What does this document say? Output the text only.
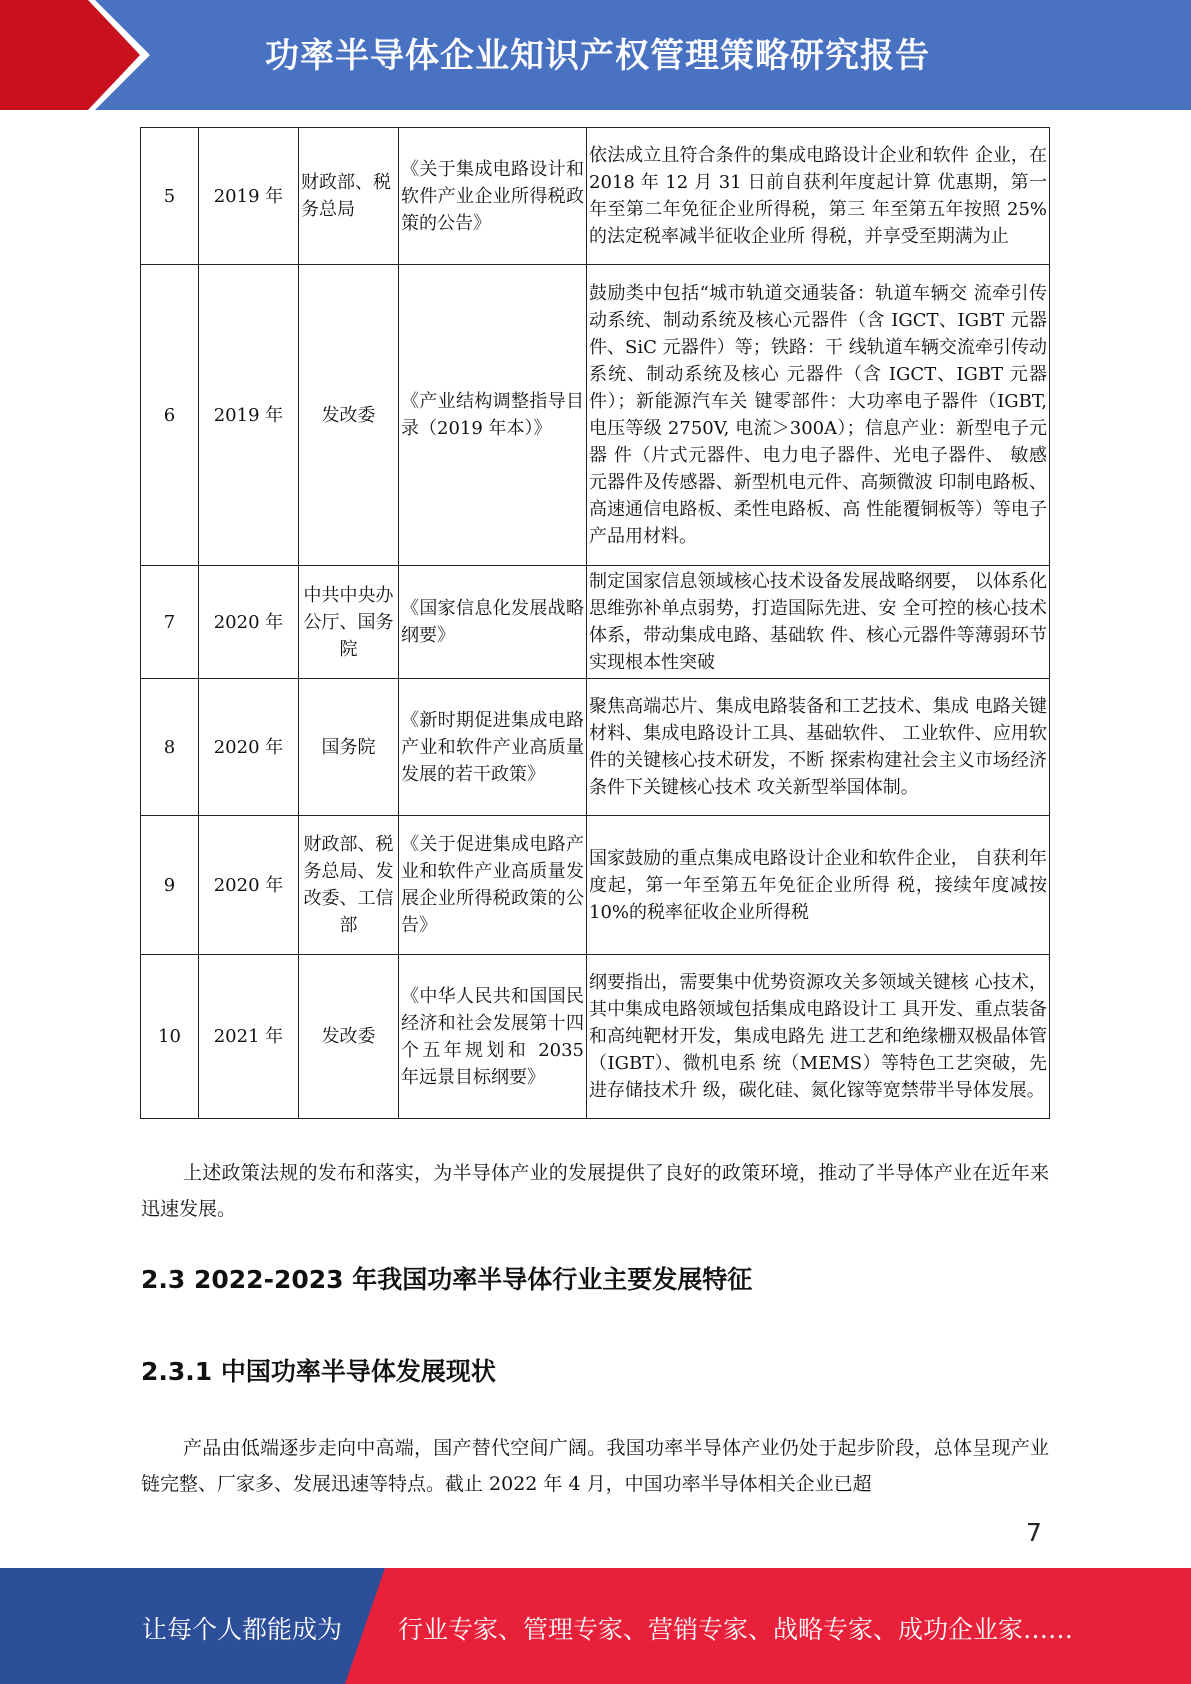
功率半导体企业知识产权管理策略研究报告
5	2019 年	财政部、税务总局	《关于集成电路设计和软件产业企业所得税政策的公告》	依法成立且符合条件的集成电路设计企业和软件 企业，在 2018 年 12 月 31 日前自获利年度起计算 优惠期，第一年至第二年免征企业所得税，第三 年至第五年按照 25%的法定税率减半征收企业所 得税，并享受至期满为止
6	2019 年	发改委	《产业结构调整指导目录（2019 年本）》	鼓励类中包括“城市轨道交通装备：轨道车辆交 流牵引传动系统、制动系统及核心元器件（含 IGCT、IGBT 元器件、SiC 元器件）等；铁路：干 线轨道车辆交流牵引传动系统、制动系统及核心 元器件（含 IGCT、IGBT 元器件）；新能源汽车关 键零部件：大功率电子器件（IGBT, 电压等级 2750V, 电流＞300A）；信息产业：新型电子元器 件（片式元器件、电力电子器件、光电子器件、 敏感元器件及传感器、新型机电元件、高频微波 印制电路板、高速通信电路板、柔性电路板、高 性能覆铜板等）等电子产品用材料。
7	2020 年	中共中央办公厅、国务院	《国家信息化发展战略纲要》	制定国家信息领域核心技术设备发展战略纲要， 以体系化思维弥补单点弱势，打造国际先进、安 全可控的核心技术体系，带动集成电路、基础软 件、核心元器件等薄弱环节实现根本性突破
8	2020 年	国务院	《新时期促进集成电路产业和软件产业高质量发展的若干政策》	聚焦高端芯片、集成电路装备和工艺技术、集成 电路关键材料、集成电路设计工具、基础软件、 工业软件、应用软件的关键核心技术研发，不断 探索构建社会主义市场经济条件下关键核心技术 攻关新型举国体制。
9	2020 年	财政部、税务总局、发改委、工信部	《关于促进集成电路产业和软件产业高质量发展企业所得税政策的公告》	国家鼓励的重点集成电路设计企业和软件企业， 自获利年度起，第一年至第五年免征企业所得 税，接续年度减按 10%的税率征收企业所得税
10	2021 年	发改委	《中华人民共和国国民经济和社会发展第十四个五年规划和 2035 年远景目标纲要》	纲要指出，需要集中优势资源攻关多领域关键核 心技术，其中集成电路领域包括集成电路设计工 具开发、重点装备和高纯靶材开发，集成电路先 进工艺和绝缘栅双极晶体管（IGBT）、微机电系 统（MEMS）等特色工艺突破，先进存储技术升 级，碳化硅、氮化镓等宽禁带半导体发展。

上述政策法规的发布和落实，为半导体产业的发展提供了良好的政策环境，推动了半导体产业在近年来迅速发展。

2.3 2022-2023 年我国功率半导体行业主要发展特征
2.3.1 中国功率半导体发展现状

产品由低端逐步走向中高端，国产替代空间广阔。我国功率半导体产业仍处于起步阶段，总体呈现产业链完整、厂家多、发展迅速等特点。截止 2022 年 4 月，中国功率半导体相关企业已超

7
让每个人都能成为 行业专家、管理专家、营销专家、战略专家、成功企业家……
